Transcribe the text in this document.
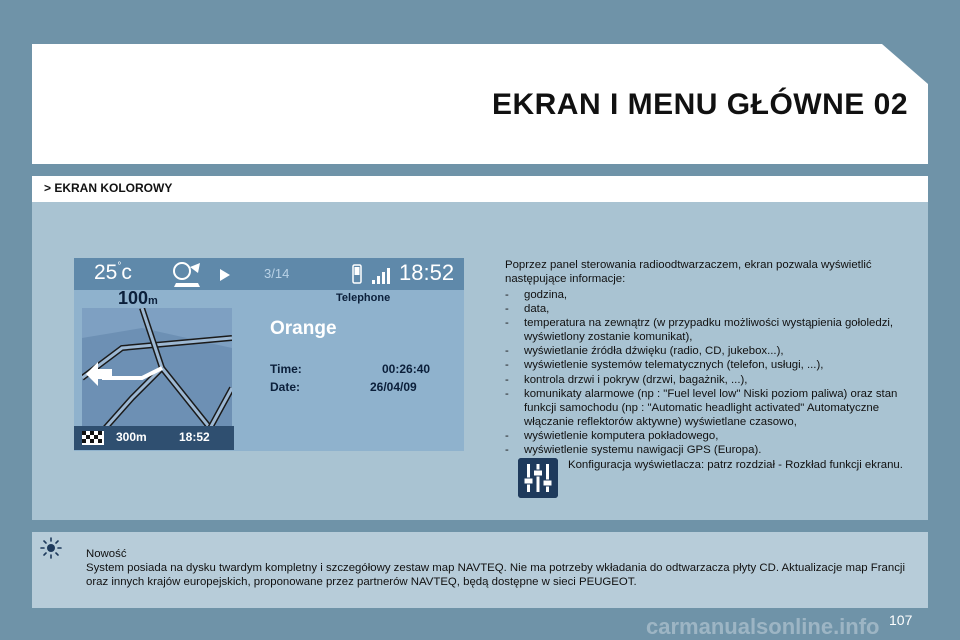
EKRAN I MENU GŁÓWNE 02
> EKRAN KOLOROWY
25°c	3/14	18:52
100m	Telephone
Orange
Time:	00:26:40
Date:	26/04/09
300m	18:52
Poprzez panel sterowania radioodtwarzaczem, ekran pozwala wyświetlić następujące informacje:
- godzina,
- data,
- temperatura na zewnątrz (w przypadku możliwości wystąpienia gołoledzi, wyświetlony zostanie komunikat),
- wyświetlanie źródła dźwięku (radio, CD, jukebox...),
- wyświetlenie systemów telematycznych (telefon, usługi, ...),
- kontrola drzwi i pokryw (drzwi, bagażnik, ...),
- komunikaty alarmowe (np : "Fuel level low" Niski poziom paliwa) oraz stan funkcji samochodu (np : "Automatic headlight activated" Automatyczne włączanie reflektorów aktywne) wyświetlane czasowo,
- wyświetlenie komputera pokładowego,
- wyświetlenie systemu nawigacji GPS (Europa).
Konfiguracja wyświetlacza: patrz rozdział - Rozkład funkcji ekranu.
Nowość
System posiada na dysku twardym kompletny i szczegółowy zestaw map NAVTEQ. Nie ma potrzeby wkładania do odtwarzacza płyty CD. Aktualizacje map Francji oraz innych krajów europejskich, proponowane przez partnerów NAVTEQ, będą dostępne w sieci PEUGEOT.
carmanualsonline.info 107
